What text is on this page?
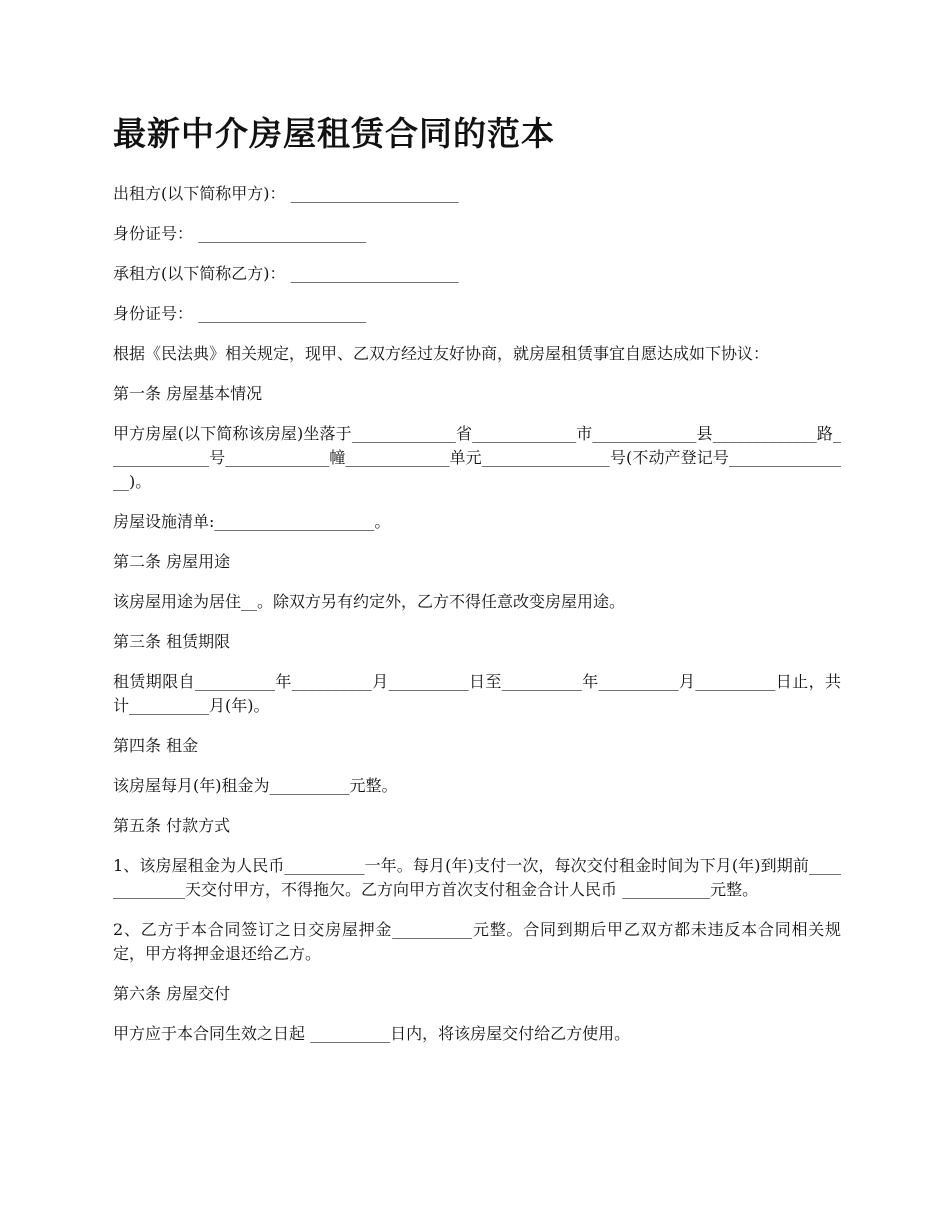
最新中介房屋租赁合同的范本

出租方(以下简称甲方)： _____________________

身份证号： _____________________

承租方(以下简称乙方)： _____________________

身份证号： _____________________

根据《民法典》相关规定，现甲、乙双方经过友好协商，就房屋租赁事宜自愿达成如下协议：

第一条 房屋基本情况

甲方房屋(以下简称该房屋)坐落于_____________省_____________市_____________县_____________路_____________号_____________幢_____________单元________________号(不动产登记号________________)。

房屋设施清单:____________________。

第二条 房屋用途

该房屋用途为居住__。除双方另有约定外，乙方不得任意改变房屋用途。

第三条 租赁期限

租赁期限自__________年__________月__________日至__________年__________月__________日止，共计__________月(年)。

第四条 租金

该房屋每月(年)租金为__________元整。

第五条 付款方式

1、该房屋租金为人民币__________一年。每月(年)支付一次，每次交付租金时间为下月(年)到期前_____________天交付甲方，不得拖欠。乙方向甲方首次支付租金合计人民币 ___________元整。

2、乙方于本合同签订之日交房屋押金__________元整。合同到期后甲乙双方都未违反本合同相关规定，甲方将押金退还给乙方。

第六条 房屋交付

甲方应于本合同生效之日起 __________日内，将该房屋交付给乙方使用。
